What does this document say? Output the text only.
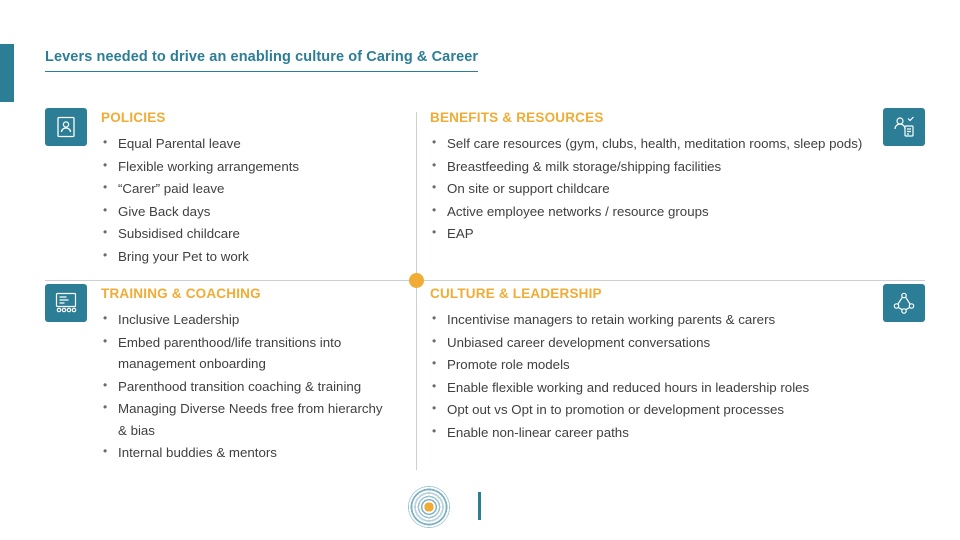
Levers needed to drive an enabling culture of Caring & Career
POLICIES
• Equal Parental leave
• Flexible working arrangements
• “Carer” paid leave
• Give Back days
• Subsidised childcare
• Bring your Pet to work
BENEFITS & RESOURCES
• Self care resources (gym, clubs, health, meditation rooms, sleep pods)
• Breastfeeding & milk storage/shipping facilities
• On site or support childcare
• Active employee networks / resource groups
• EAP
TRAINING & COACHING
• Inclusive Leadership
• Embed parenthood/life transitions into management onboarding
• Parenthood transition coaching & training
• Managing Diverse Needs free from hierarchy & bias
• Internal buddies & mentors
CULTURE & LEADERSHIP
• Incentivise managers to retain working parents & carers
• Unbiased career development conversations
• Promote role models
• Enable flexible working and reduced hours in leadership roles
• Opt out vs Opt in to promotion or development processes
• Enable non-linear career paths
